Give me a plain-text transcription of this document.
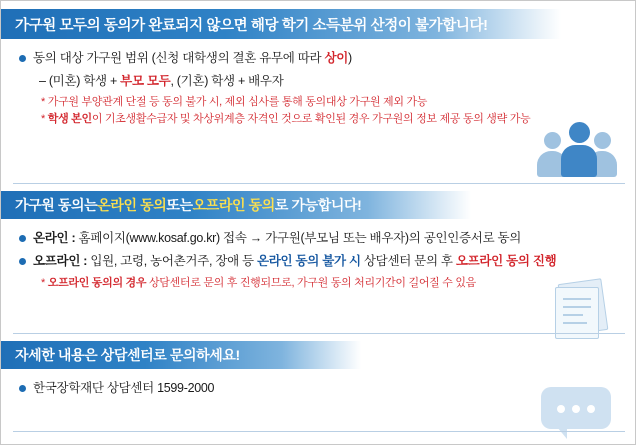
가구원 모두의 동의가 완료되지 않으면 해당 학기 소득분위 산정이 불가합니다!
동의 대상 가구원 범위 (신청 대학생의 결혼 유무에 따라 상이)
– (미혼) 학생 + 부모 모두, (기혼) 학생 + 배우자
* 가구원 부양관계 단절 등 동의 불가 시, 제외 심사를 통해 동의대상 가구원 제외 가능
* 학생 본인이 기초생활수급자 및 차상위계층 자격인 것으로 확인된 경우 가구원의 정보 제공 동의 생략 가능
가구원 동의는 온라인 동의 또는 오프라인 동의 로 가능합니다!
온라인 : 홈페이지(www.kosaf.go.kr) 접속 → 가구원(부모님 또는 배우자)의 공인인증서로 동의
오프라인 : 입원, 고령, 농어촌거주, 장애 등 온라인 동의 불가 시 상담센터 문의 후 오프라인 동의 진행
* 오프라인 동의의 경우 상담센터로 문의 후 진행되므로, 가구원 동의 처리기간이 길어질 수 있음
자세한 내용은 상담센터로 문의하세요!
한국장학재단 상담센터 1599-2000
